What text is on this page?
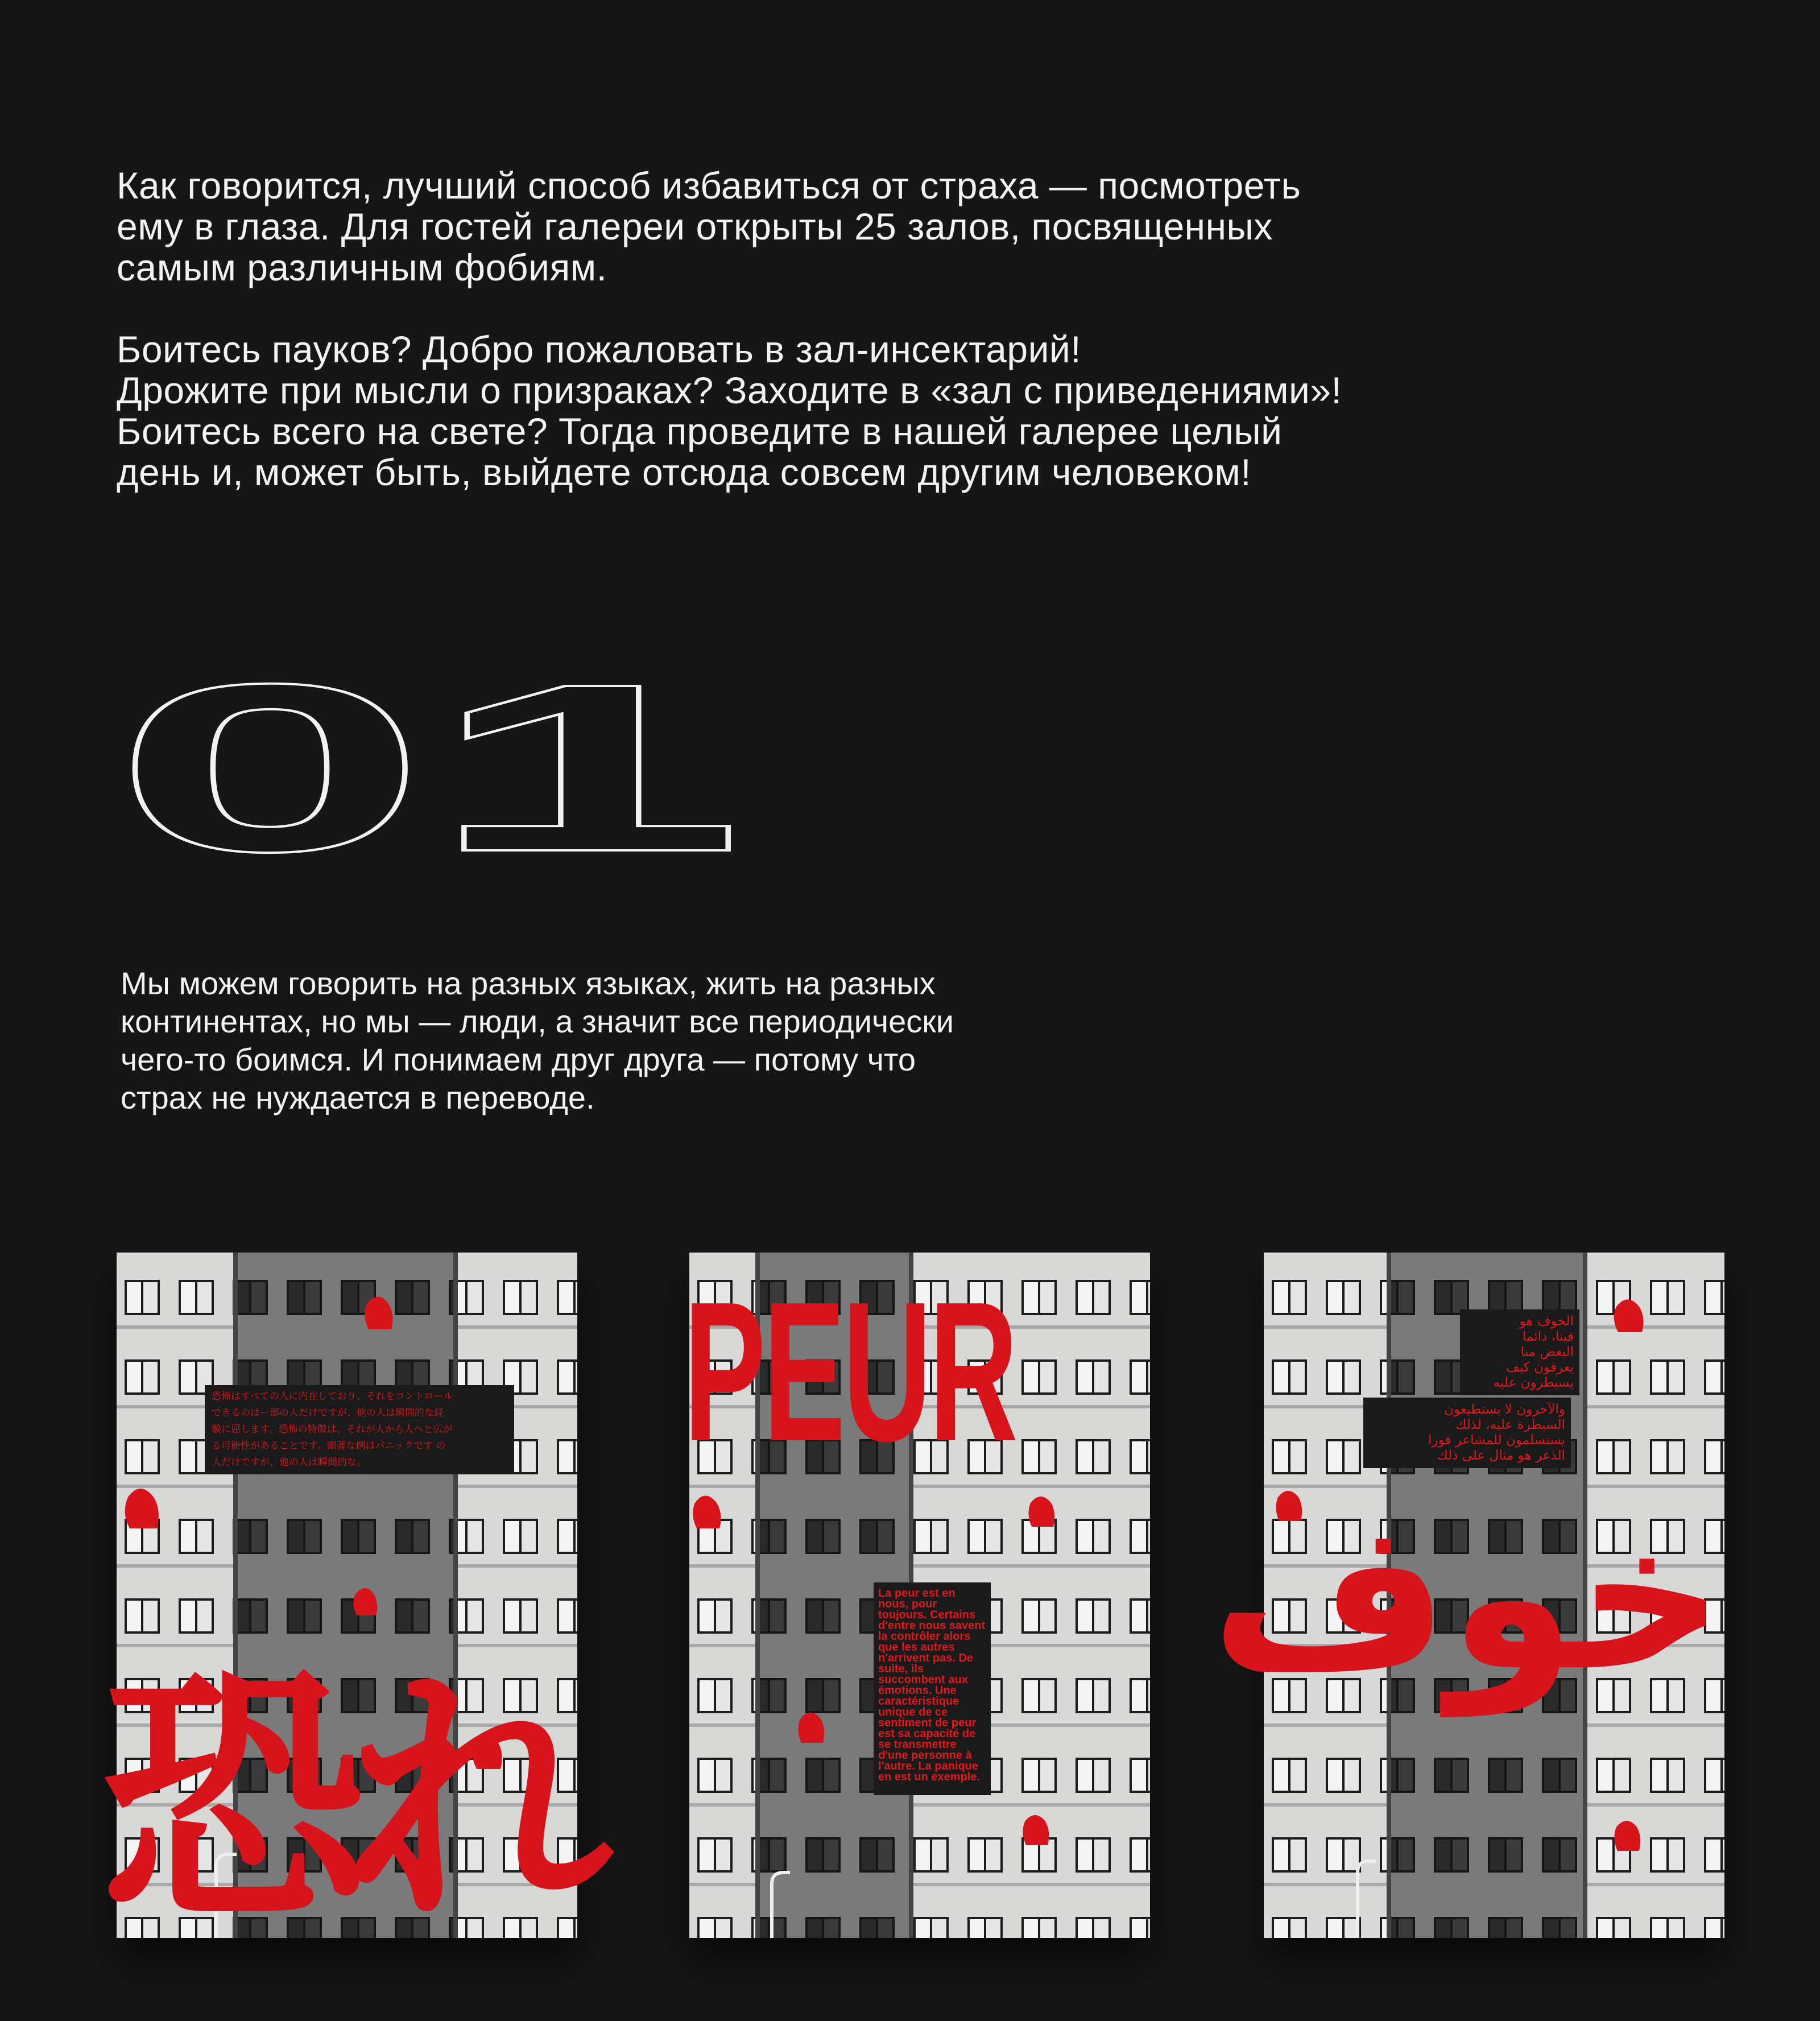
Как говорится, лучший способ избавиться от страха — посмотреть
ему в глаза. Для гостей галереи открыты 25 залов, посвященных
самым различным фобиям.

Боитесь пауков? Добро пожаловать в зал-инсектарий!
Дрожите при мысли о призраках? Заходите в «зал с приведениями»!
Боитесь всего на свете? Тогда проведите в нашей галерее целый
день и, может быть, выйдете отсюда совсем другим человеком!

01

Мы можем говорить на разных языках, жить на разных
континентах, но мы — люди, а значит все периодически
чего-то боимся. И понимаем друг друга — потому что
страх не нуждается в переводе.

恐怖はすべての人に内在しており、それをコントロール
できるのはー部の人だけですが、他の人は瞬間的な経
験に屈します。恐怖の特徴は、それが人から人へと広が
る可能性があることです。顕著な例はパニックです の
人だけですが、他の人は瞬間的な。

恐れ

PEUR

La peur est en nous, pour toujours. Certains d'entre nous savent la contrôler alors que les autres n'arrivent pas. De suite, ils succombent aux émotions. Une caractéristique unique de ce sentiment de peur est sa capacité de se transmettre d'une personne à l'autre. La panique en est un exemple.

الخوف هو
فينا، دائما
البعض منا
يعرفون كيف
يسيطرون عليه

والآخرون لا يستطيعون
السيطرة عليه، لذلك
يستسلمون للمشاعر فورا
الذعر هو مثال على ذلك

خوف
